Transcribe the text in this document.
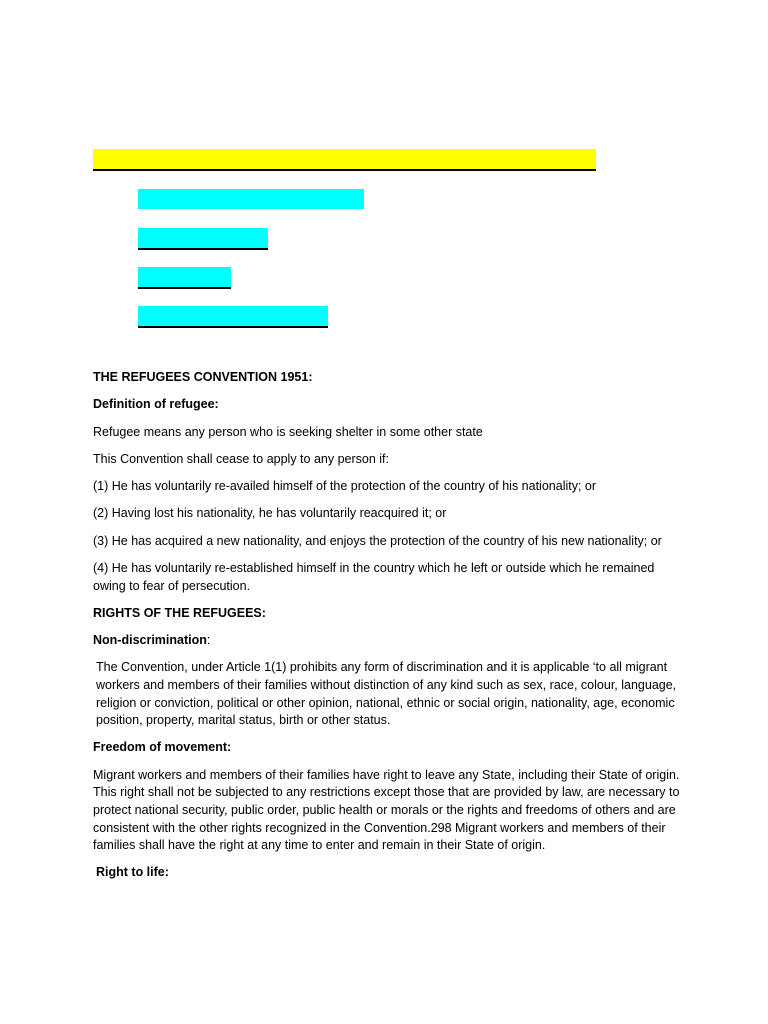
THE REFUGEES CONVENTION 1951:

Definition of refugee:

Refugee means any person who is seeking shelter in some other state

This Convention shall cease to apply to any person if:

(1) He has voluntarily re-availed himself of the protection of the country of his nationality; or

(2) Having lost his nationality, he has voluntarily reacquired it; or

(3) He has acquired a new nationality, and enjoys the protection of the country of his new nationality; or

(4) He has voluntarily re-established himself in the country which he left or outside which he remained owing to fear of persecution.

RIGHTS OF THE REFUGEES:

Non-discrimination:

The Convention, under Article 1(1) prohibits any form of discrimination and it is applicable ‘to all migrant workers and members of their families without distinction of any kind such as sex, race, colour, language, religion or conviction, political or other opinion, national, ethnic or social origin, nationality, age, economic position, property, marital status, birth or other status.

Freedom of movement:

Migrant workers and members of their families have right to leave any State, including their State of origin. This right shall not be subjected to any restrictions except those that are provided by law, are necessary to protect national security, public order, public health or morals or the rights and freedoms of others and are consistent with the other rights recognized in the Convention.298 Migrant workers and members of their families shall have the right at any time to enter and remain in their State of origin.

Right to life:
